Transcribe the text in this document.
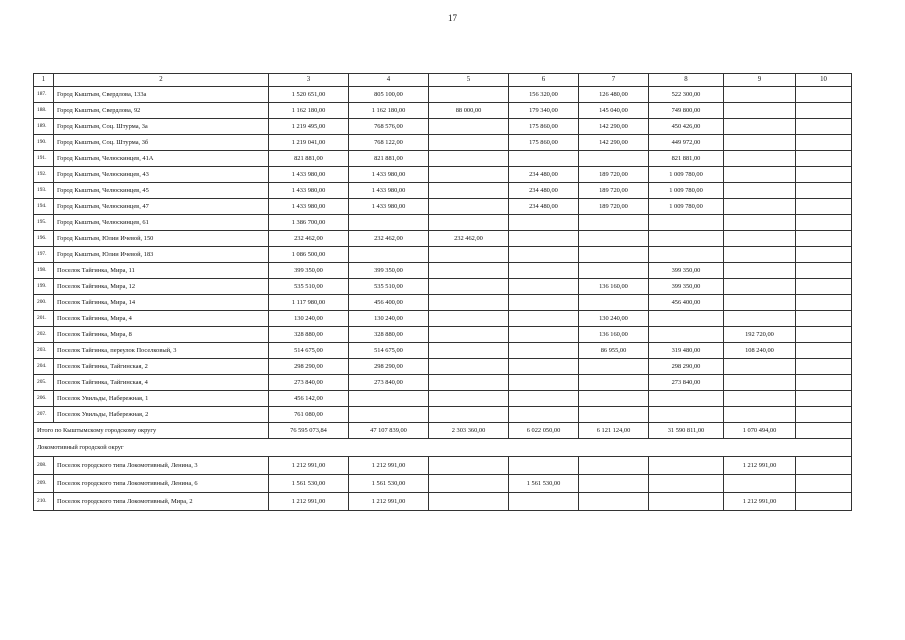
17
1	2	3	4	5	6	7	8	9	10
187.	Город Кыштым, Свердлова, 133а	1 520 651,00	805 100,00		156 320,00	126 480,00	522 300,00		
188.	Город Кыштым, Свердлова, 92	1 162 180,00	1 162 180,00	88 000,00	179 340,00	145 040,00	749 800,00		
189.	Город Кыштым, Соц. Штурма, 3а	1 219 495,00	768 576,00		175 860,00	142 290,00	450 426,00		
190.	Город Кыштым, Соц. Штурма, 3б	1 219 041,00	768 122,00		175 860,00	142 290,00	449 972,00		
191.	Город Кыштым, Челюскинцев, 41А	821 881,00	821 881,00				821 881,00		
192.	Город Кыштым, Челюскинцев, 43	1 433 980,00	1 433 980,00		234 480,00	189 720,00	1 009 780,00		
193.	Город Кыштым, Челюскинцев, 45	1 433 980,00	1 433 980,00		234 480,00	189 720,00	1 009 780,00		
194.	Город Кыштым, Челюскинцев, 47	1 433 980,00	1 433 980,00		234 480,00	189 720,00	1 009 780,00		
195.	Город Кыштым, Челюскинцев, 61	1 386 700,00							
196.	Город Кыштым, Юлии Ичевой, 150	232 462,00	232 462,00	232 462,00					
197.	Город Кыштым, Юлии Ичевой, 183	1 086 500,00							
198.	Поселок Тайгинка, Мира, 11	399 350,00	399 350,00				399 350,00		
199.	Поселок Тайгинка, Мира, 12	535 510,00	535 510,00			136 160,00	399 350,00		
200.	Поселок Тайгинка, Мира, 14	1 117 980,00	456 400,00				456 400,00		
201.	Поселок Тайгинка, Мира, 4	130 240,00	130 240,00			130 240,00			
202.	Поселок Тайгинка, Мира, 8	328 880,00	328 880,00			136 160,00		192 720,00	
203.	Поселок Тайгинка, переулок Поселковый, 3	514 675,00	514 675,00			86 955,00	319 480,00	108 240,00	
204.	Поселок Тайгинка, Тайгинская, 2	298 290,00	298 290,00				298 290,00		
205.	Поселок Тайгинка, Тайгинская, 4	273 840,00	273 840,00				273 840,00		
206.	Поселок Увильды, Набережная, 1	456 142,00							
207.	Поселок Увильды, Набережная, 2	761 080,00							
Итого по Кыштымскому городскому округу		76 595 073,84	47 107 839,00	2 303 360,00	6 022 050,00	6 121 124,00	31 590 811,00	1 070 494,00	
Локомотивный городской округ									
208.	Поселок городского типа Локомотивный, Ленина, 3	1 212 991,00	1 212 991,00					1 212 991,00	
209.	Поселок городского типа Локомотивный, Ленина, 6	1 561 530,00	1 561 530,00		1 561 530,00				
210.	Поселок городского типа Локомотивный, Мира, 2	1 212 991,00	1 212 991,00					1 212 991,00	
